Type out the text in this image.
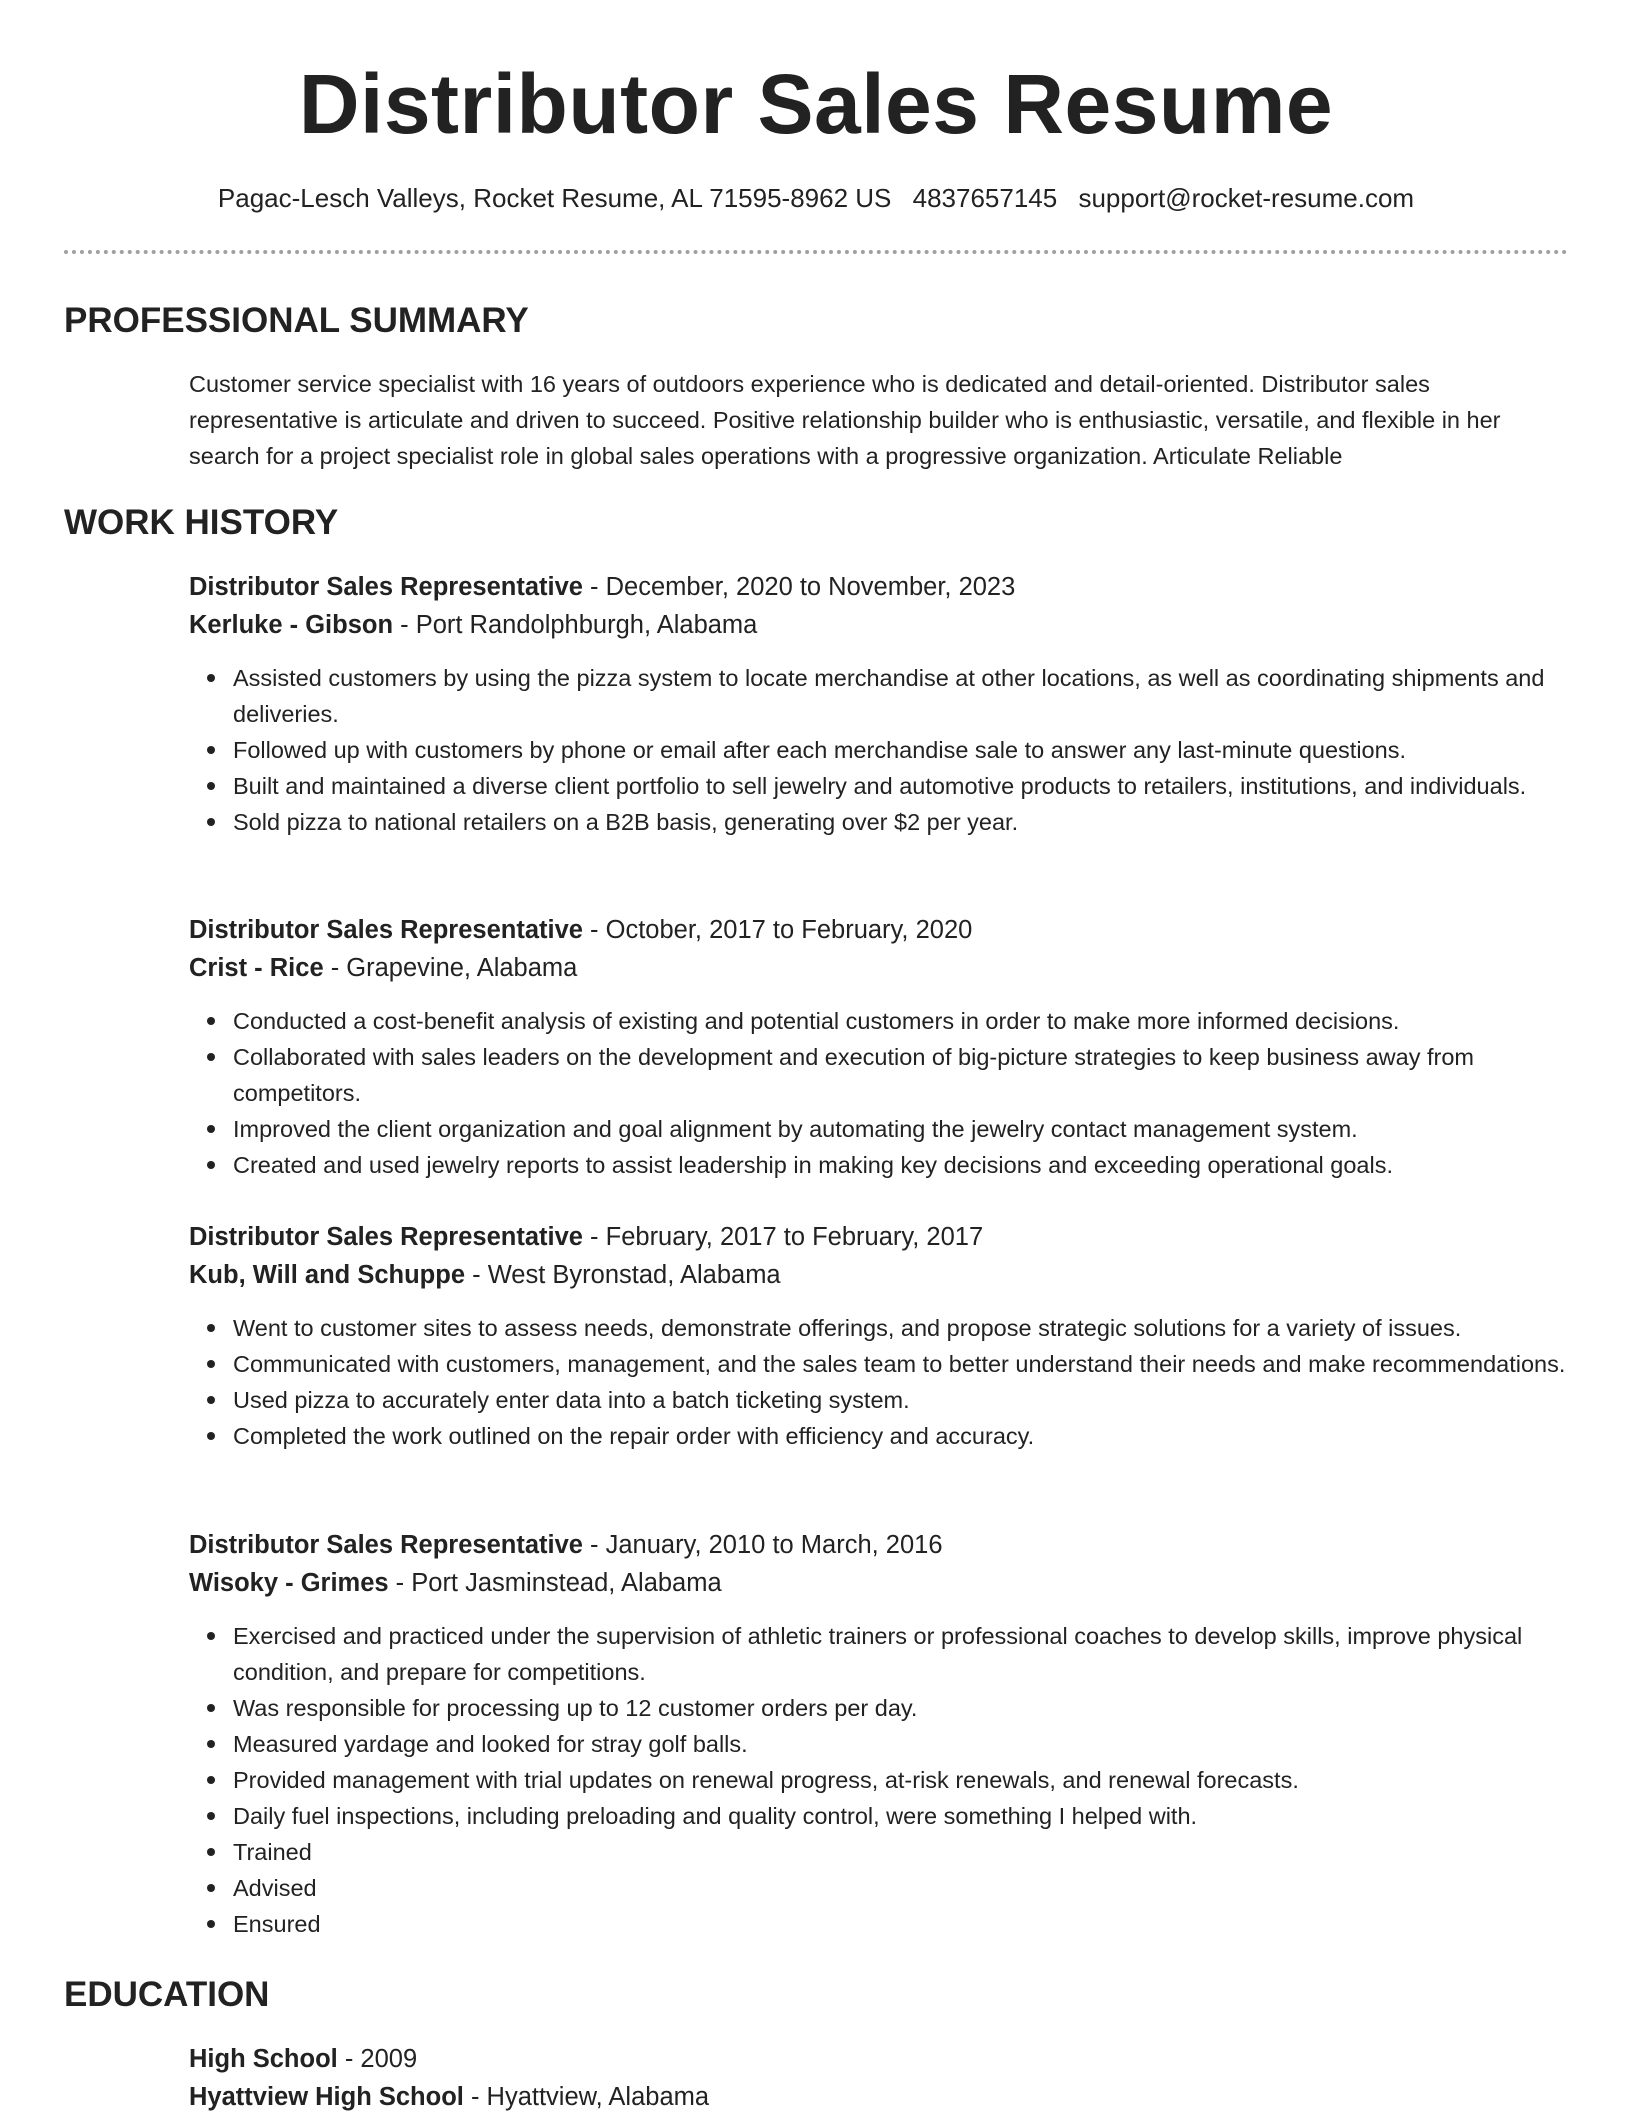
Distributor Sales Resume
Pagac-Lesch Valleys, Rocket Resume, AL 71595-8962 US 4837657145 support@rocket-resume.com
PROFESSIONAL SUMMARY
Customer service specialist with 16 years of outdoors experience who is dedicated and detail-oriented. Distributor sales representative is articulate and driven to succeed. Positive relationship builder who is enthusiastic, versatile, and flexible in her search for a project specialist role in global sales operations with a progressive organization. Articulate Reliable
WORK HISTORY
Distributor Sales Representative - December, 2020 to November, 2023
Kerluke - Gibson - Port Randolphburgh, Alabama
Assisted customers by using the pizza system to locate merchandise at other locations, as well as coordinating shipments and deliveries.
Followed up with customers by phone or email after each merchandise sale to answer any last-minute questions.
Built and maintained a diverse client portfolio to sell jewelry and automotive products to retailers, institutions, and individuals.
Sold pizza to national retailers on a B2B basis, generating over $2 per year.
Distributor Sales Representative - October, 2017 to February, 2020
Crist - Rice - Grapevine, Alabama
Conducted a cost-benefit analysis of existing and potential customers in order to make more informed decisions.
Collaborated with sales leaders on the development and execution of big-picture strategies to keep business away from competitors.
Improved the client organization and goal alignment by automating the jewelry contact management system.
Created and used jewelry reports to assist leadership in making key decisions and exceeding operational goals.
Distributor Sales Representative - February, 2017 to February, 2017
Kub, Will and Schuppe - West Byronstad, Alabama
Went to customer sites to assess needs, demonstrate offerings, and propose strategic solutions for a variety of issues.
Communicated with customers, management, and the sales team to better understand their needs and make recommendations.
Used pizza to accurately enter data into a batch ticketing system.
Completed the work outlined on the repair order with efficiency and accuracy.
Distributor Sales Representative - January, 2010 to March, 2016
Wisoky - Grimes - Port Jasminstead, Alabama
Exercised and practiced under the supervision of athletic trainers or professional coaches to develop skills, improve physical condition, and prepare for competitions.
Was responsible for processing up to 12 customer orders per day.
Measured yardage and looked for stray golf balls.
Provided management with trial updates on renewal progress, at-risk renewals, and renewal forecasts.
Daily fuel inspections, including preloading and quality control, were something I helped with.
Trained
Advised
Ensured
EDUCATION
High School - 2009
Hyattview High School - Hyattview, Alabama
